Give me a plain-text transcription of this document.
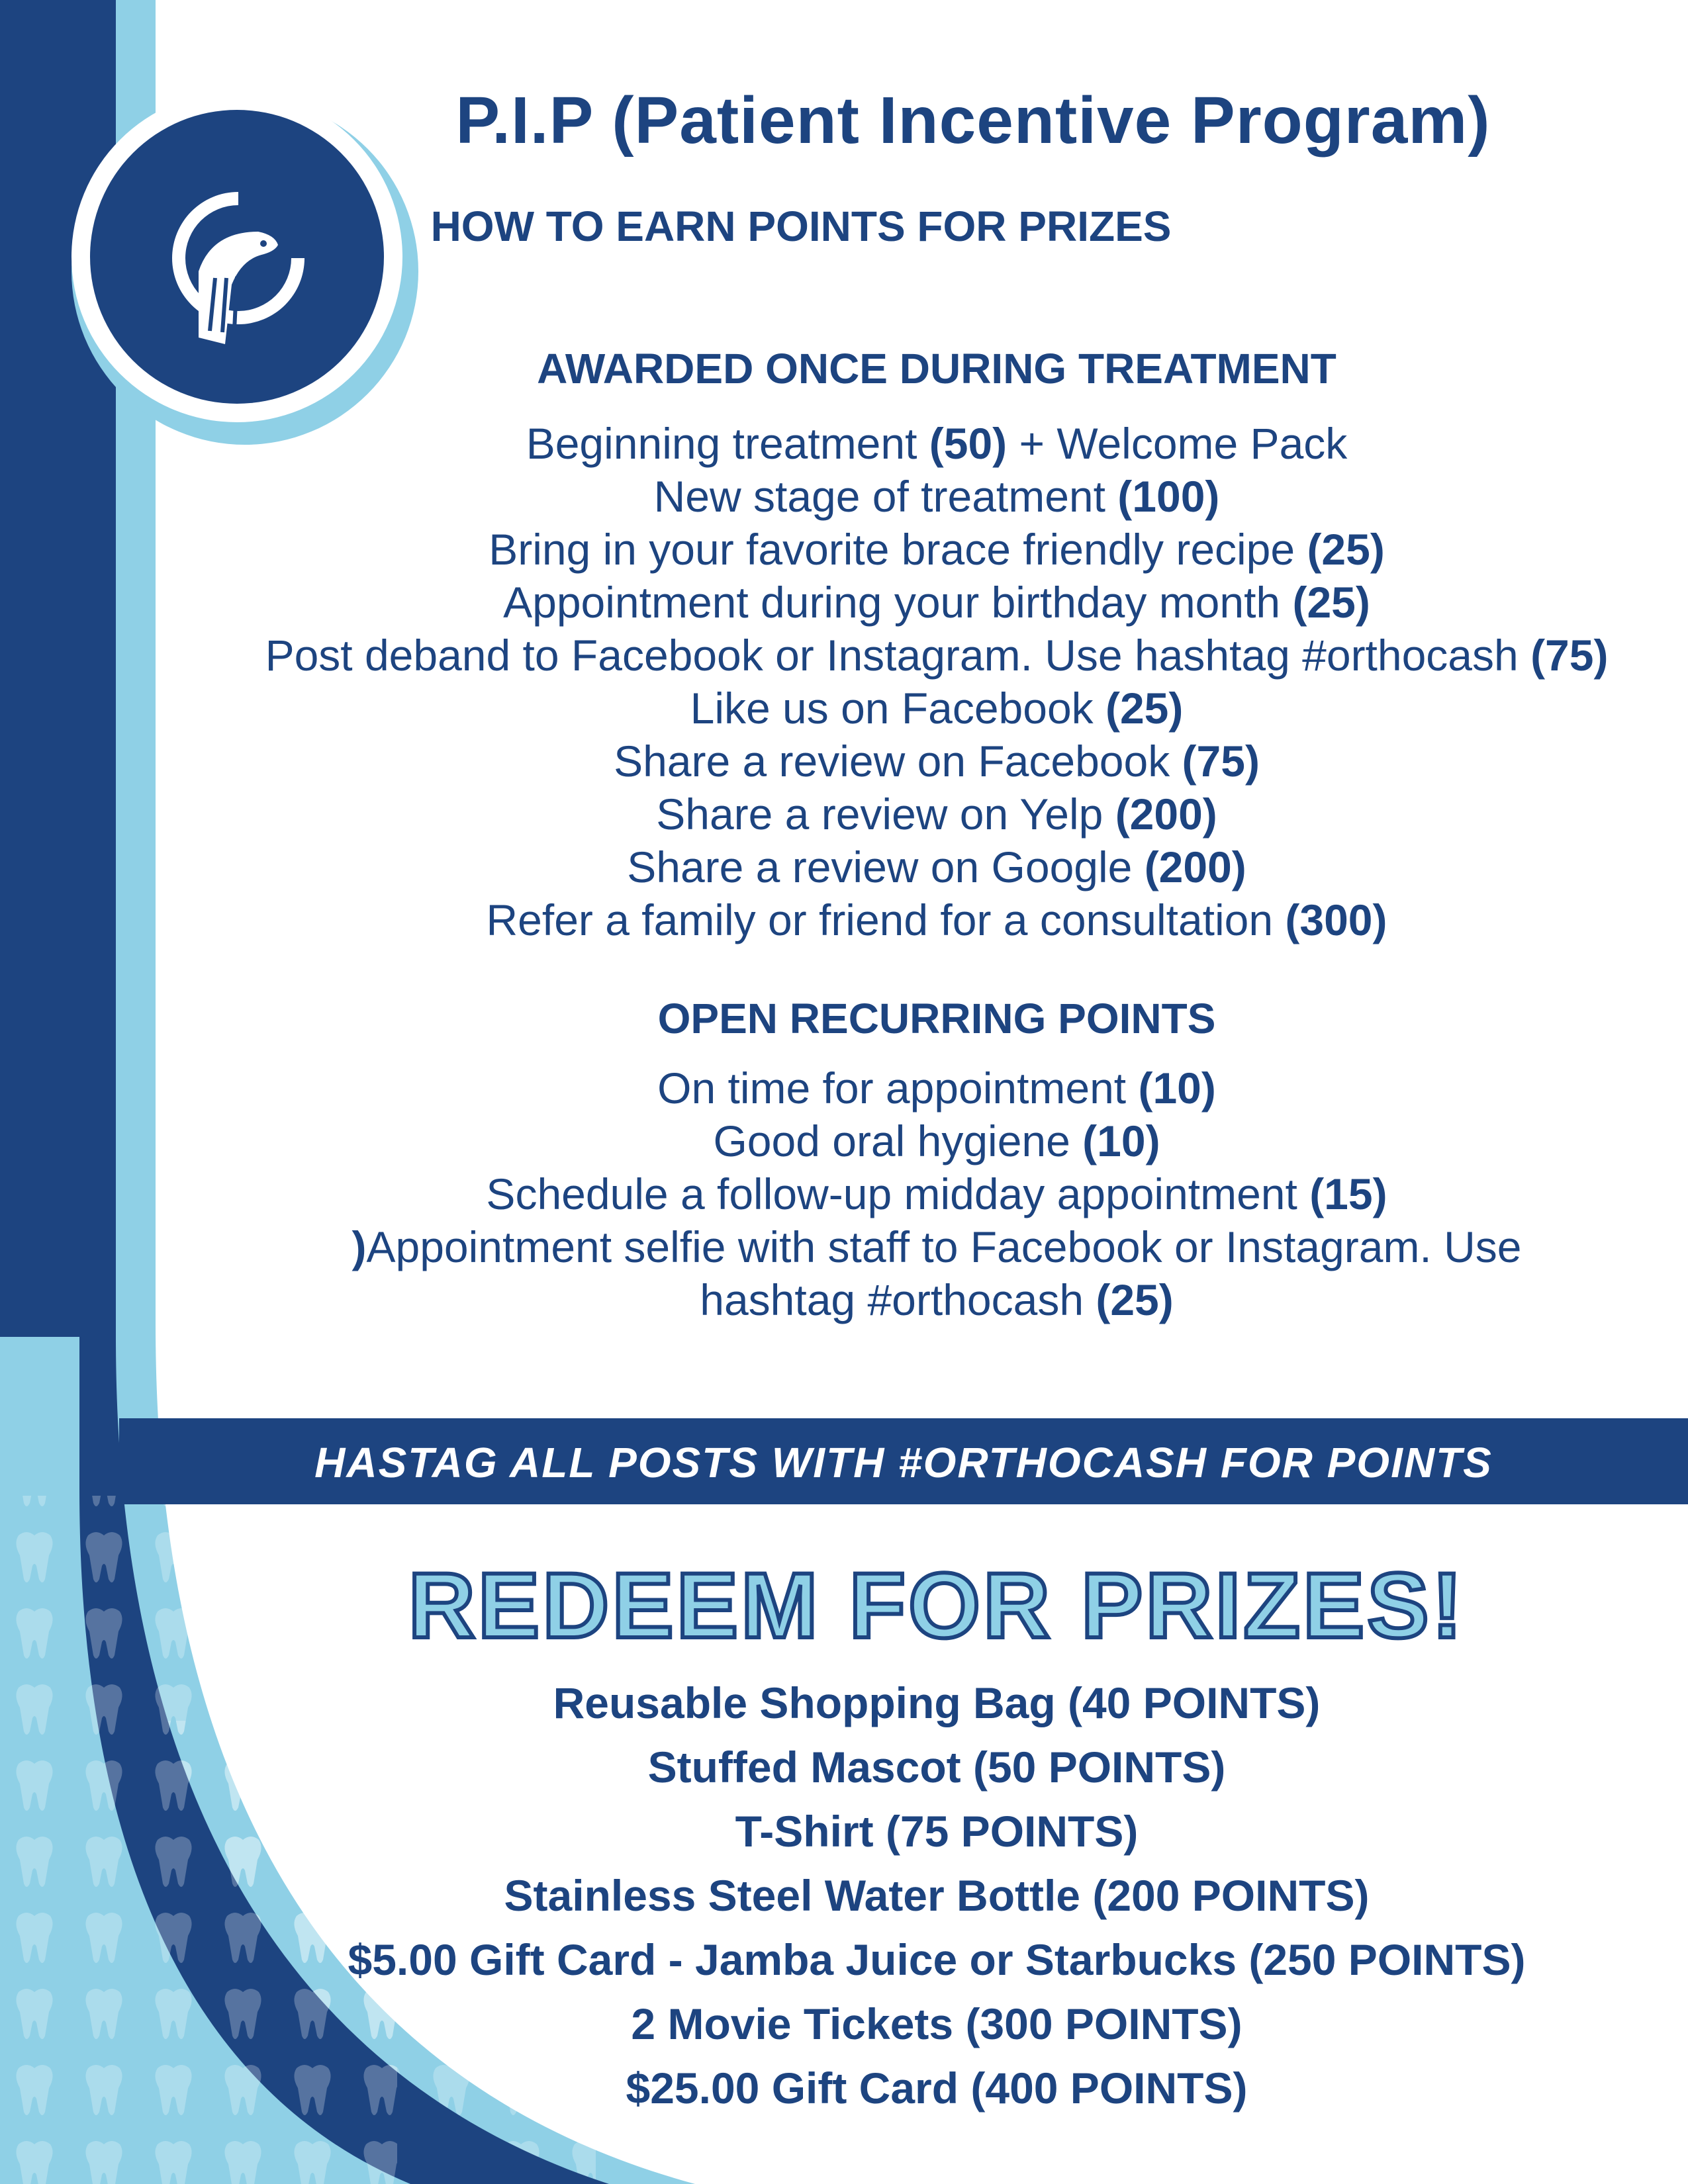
P.I.P (Patient Incentive Program)
HOW TO EARN POINTS FOR PRIZES
AWARDED ONCE DURING TREATMENT
Beginning treatment (50) + Welcome Pack
New stage of treatment (100)
Bring in your favorite brace friendly recipe (25)
Appointment during your birthday month (25)
Post deband to Facebook or Instagram. Use hashtag #orthocash (75)
Like us on Facebook (25)
Share a review on Facebook (75)
Share a review on Yelp (200)
Share a review on Google (200)
Refer a family or friend for a consultation (300)
OPEN RECURRING POINTS
On time for appointment (10)
Good oral hygiene (10)
Schedule a follow-up midday appointment (15)
)Appointment selfie with staff to Facebook or Instagram. Use
hashtag #orthocash (25)
HASTAG ALL POSTS WITH #ORTHOCASH FOR POINTS
REDEEM FOR PRIZES!
Reusable Shopping Bag (40 POINTS)
Stuffed Mascot (50 POINTS)
T-Shirt (75 POINTS)
Stainless Steel Water Bottle (200 POINTS)
$5.00 Gift Card - Jamba Juice or Starbucks (250 POINTS)
2 Movie Tickets (300 POINTS)
$25.00 Gift Card (400 POINTS)
